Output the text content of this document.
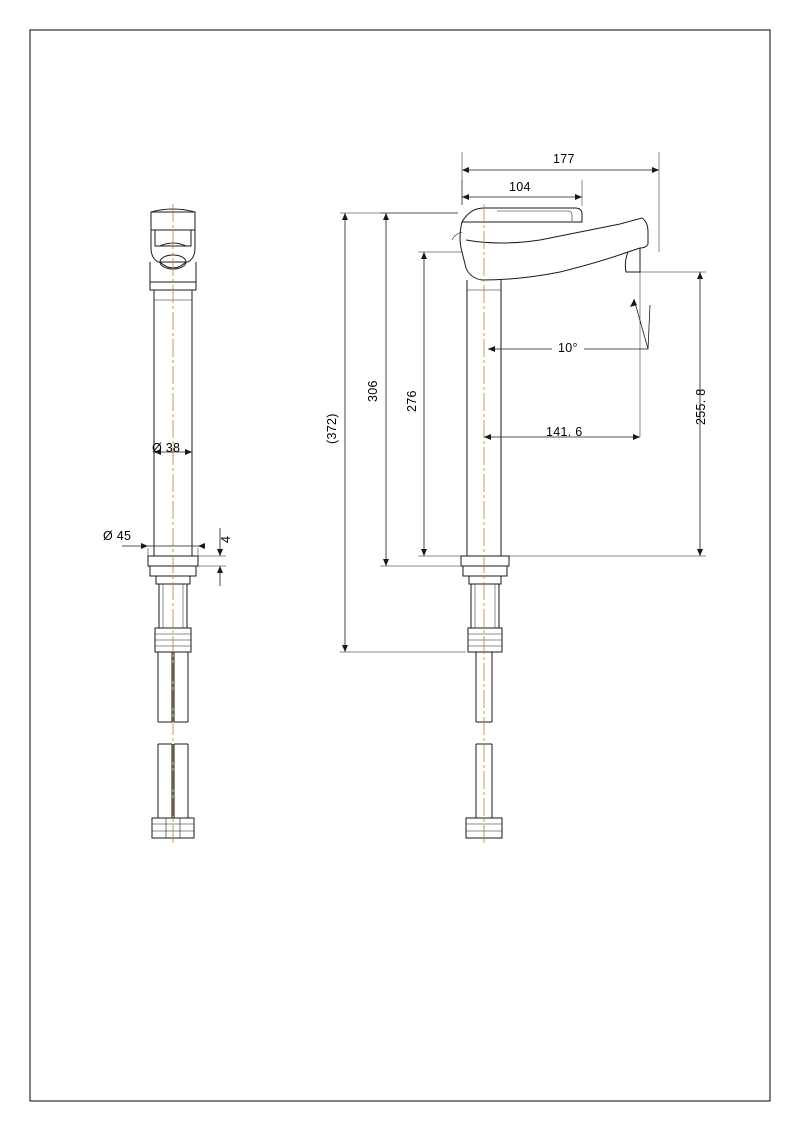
Ø 38
Ø 45	4
177
104
(372)
306 276
141. 6
255. 8
10°
